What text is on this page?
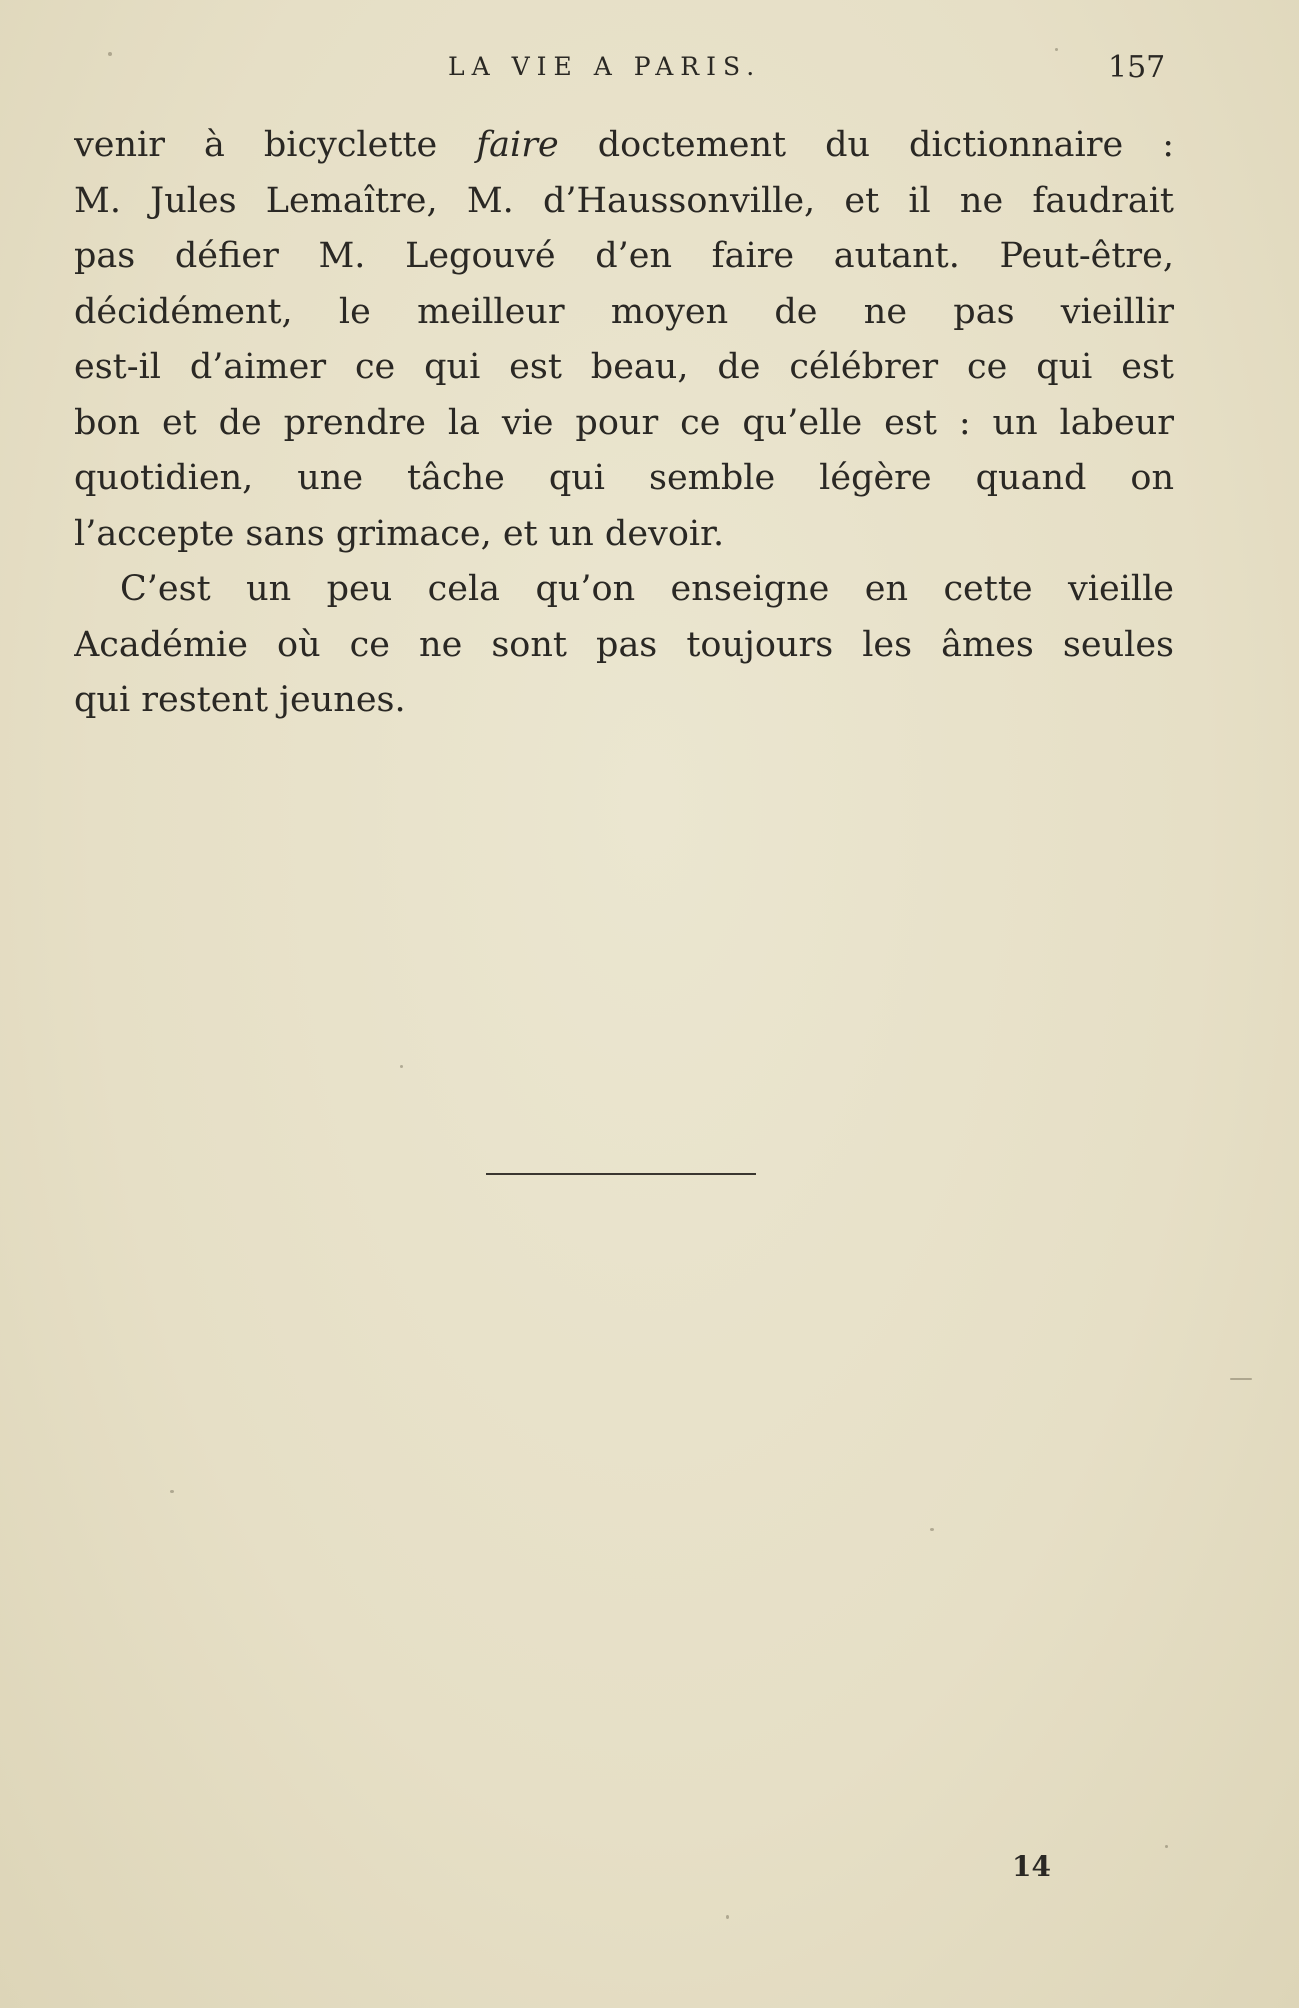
LA VIE A PARIS.	157
venir à bicyclette faire doctement du dictionnaire :
M. Jules Lemaître, M. d’Haussonville, et il ne faudrait
pas défier M. Legouvé d’en faire autant. Peut-être,
décidément, le meilleur moyen de ne pas vieillir
est-il d’aimer ce qui est beau, de célébrer ce qui est
bon et de prendre la vie pour ce qu’elle est : un labeur
quotidien, une tâche qui semble légère quand on
l’accepte sans grimace, et un devoir.
C’est un peu cela qu’on enseigne en cette vieille
Académie où ce ne sont pas toujours les âmes seules
qui restent jeunes.
14
